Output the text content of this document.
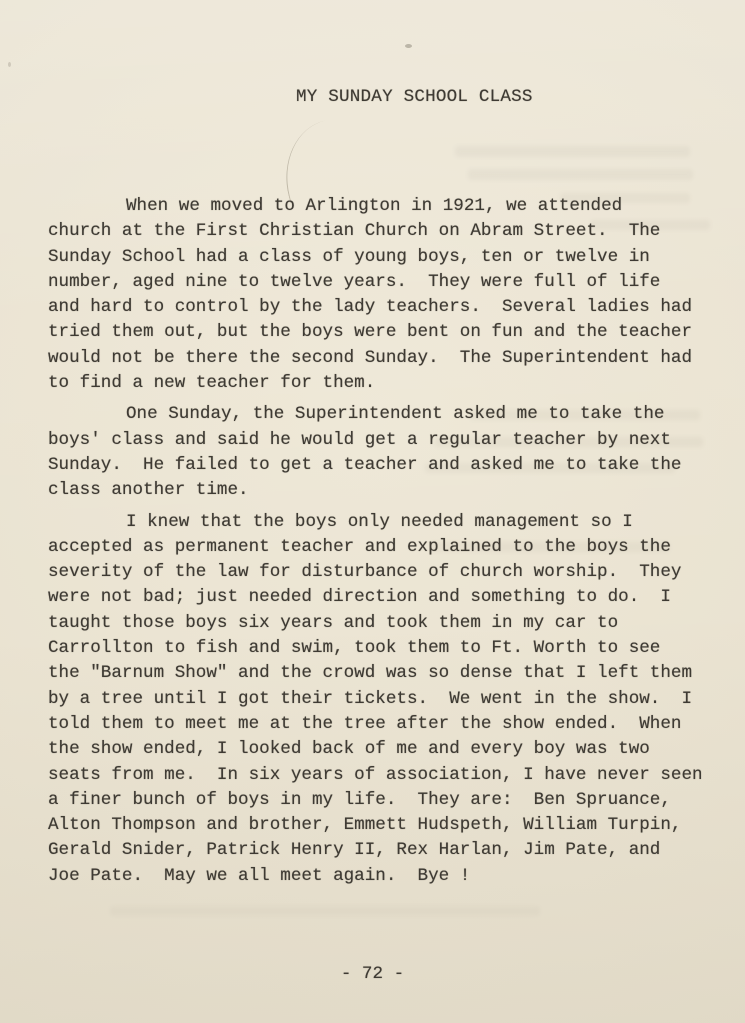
MY SUNDAY SCHOOL CLASS
When we moved to Arlington in 1921, we attended
church at the First Christian Church on Abram Street.  The
Sunday School had a class of young boys, ten or twelve in
number, aged nine to twelve years.  They were full of life
and hard to control by the lady teachers.  Several ladies had
tried them out, but the boys were bent on fun and the teacher
would not be there the second Sunday.  The Superintendent had
to find a new teacher for them.
One Sunday, the Superintendent asked me to take the
boys' class and said he would get a regular teacher by next
Sunday.  He failed to get a teacher and asked me to take the
class another time.
I knew that the boys only needed management so I
accepted as permanent teacher and explained to the boys the
severity of the law for disturbance of church worship.  They
were not bad; just needed direction and something to do.  I
taught those boys six years and took them in my car to
Carrollton to fish and swim, took them to Ft. Worth to see
the "Barnum Show" and the crowd was so dense that I left them
by a tree until I got their tickets.  We went in the show.  I
told them to meet me at the tree after the show ended.  When
the show ended, I looked back of me and every boy was two
seats from me.  In six years of association, I have never seen
a finer bunch of boys in my life.  They are:  Ben Spruance,
Alton Thompson and brother, Emmett Hudspeth, William Turpin,
Gerald Snider, Patrick Henry II, Rex Harlan, Jim Pate, and
Joe Pate.  May we all meet again.  Bye !
- 72 -
